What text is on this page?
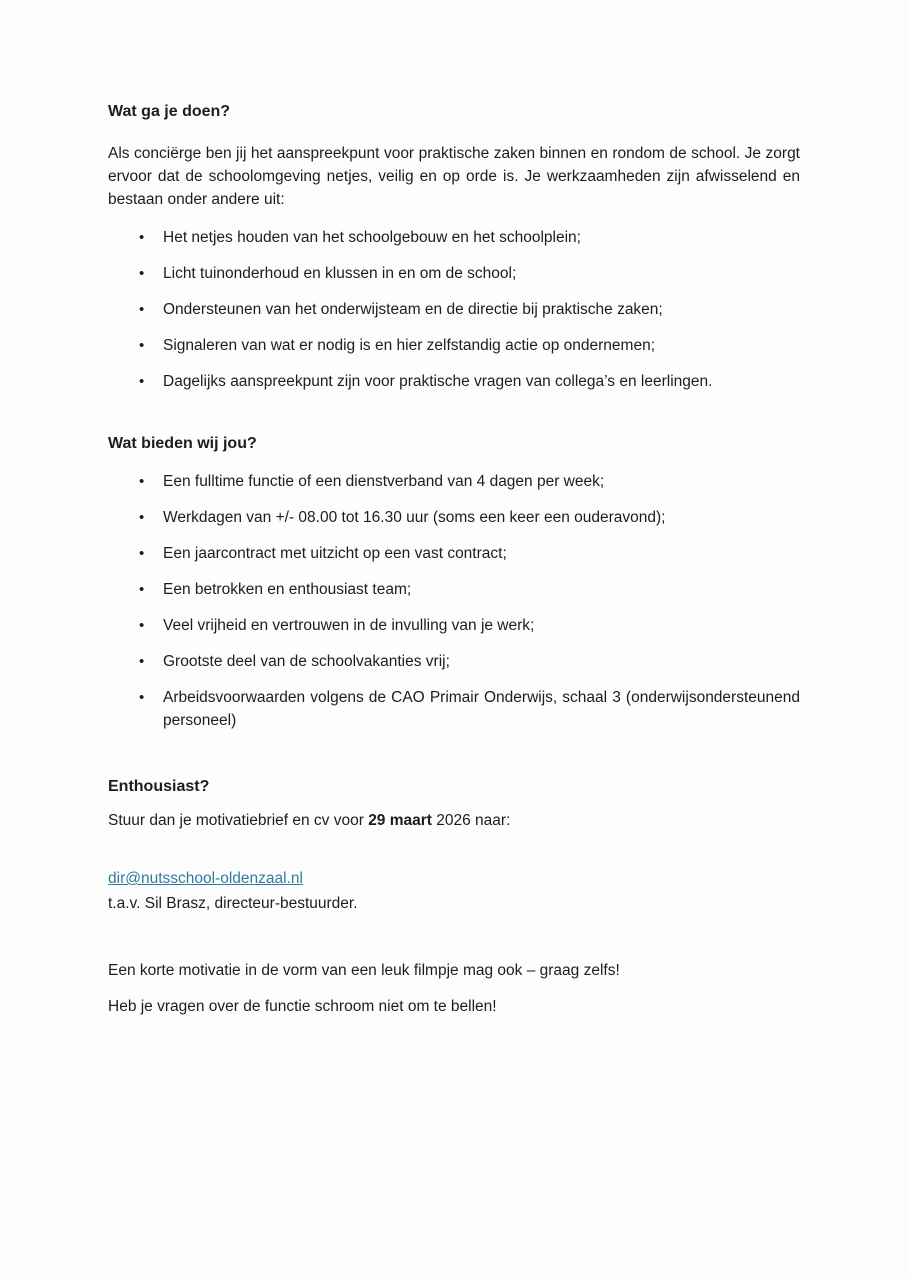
Wat ga je doen?

Als conciërge ben jij het aanspreekpunt voor praktische zaken binnen en rondom de school. Je zorgt ervoor dat de schoolomgeving netjes, veilig en op orde is. Je werkzaamheden zijn afwisselend en bestaan onder andere uit:

• Het netjes houden van het schoolgebouw en het schoolplein;
• Licht tuinonderhoud en klussen in en om de school;
• Ondersteunen van het onderwijsteam en de directie bij praktische zaken;
• Signaleren van wat er nodig is en hier zelfstandig actie op ondernemen;
• Dagelijks aanspreekpunt zijn voor praktische vragen van collega’s en leerlingen.

Wat bieden wij jou?

• Een fulltime functie of een dienstverband van 4 dagen per week;
• Werkdagen van +/- 08.00 tot 16.30 uur (soms een keer een ouderavond);
• Een jaarcontract met uitzicht op een vast contract;
• Een betrokken en enthousiast team;
• Veel vrijheid en vertrouwen in de invulling van je werk;
• Grootste deel van de schoolvakanties vrij;
• Arbeidsvoorwaarden volgens de CAO Primair Onderwijs, schaal 3 (onderwijsondersteunend personeel)

Enthousiast?

Stuur dan je motivatiebrief en cv voor 29 maart 2026 naar:

dir@nutsschool-oldenzaal.nl

t.a.v. Sil Brasz, directeur-bestuurder.

Een korte motivatie in de vorm van een leuk filmpje mag ook – graag zelfs!

Heb je vragen over de functie schroom niet om te bellen!
